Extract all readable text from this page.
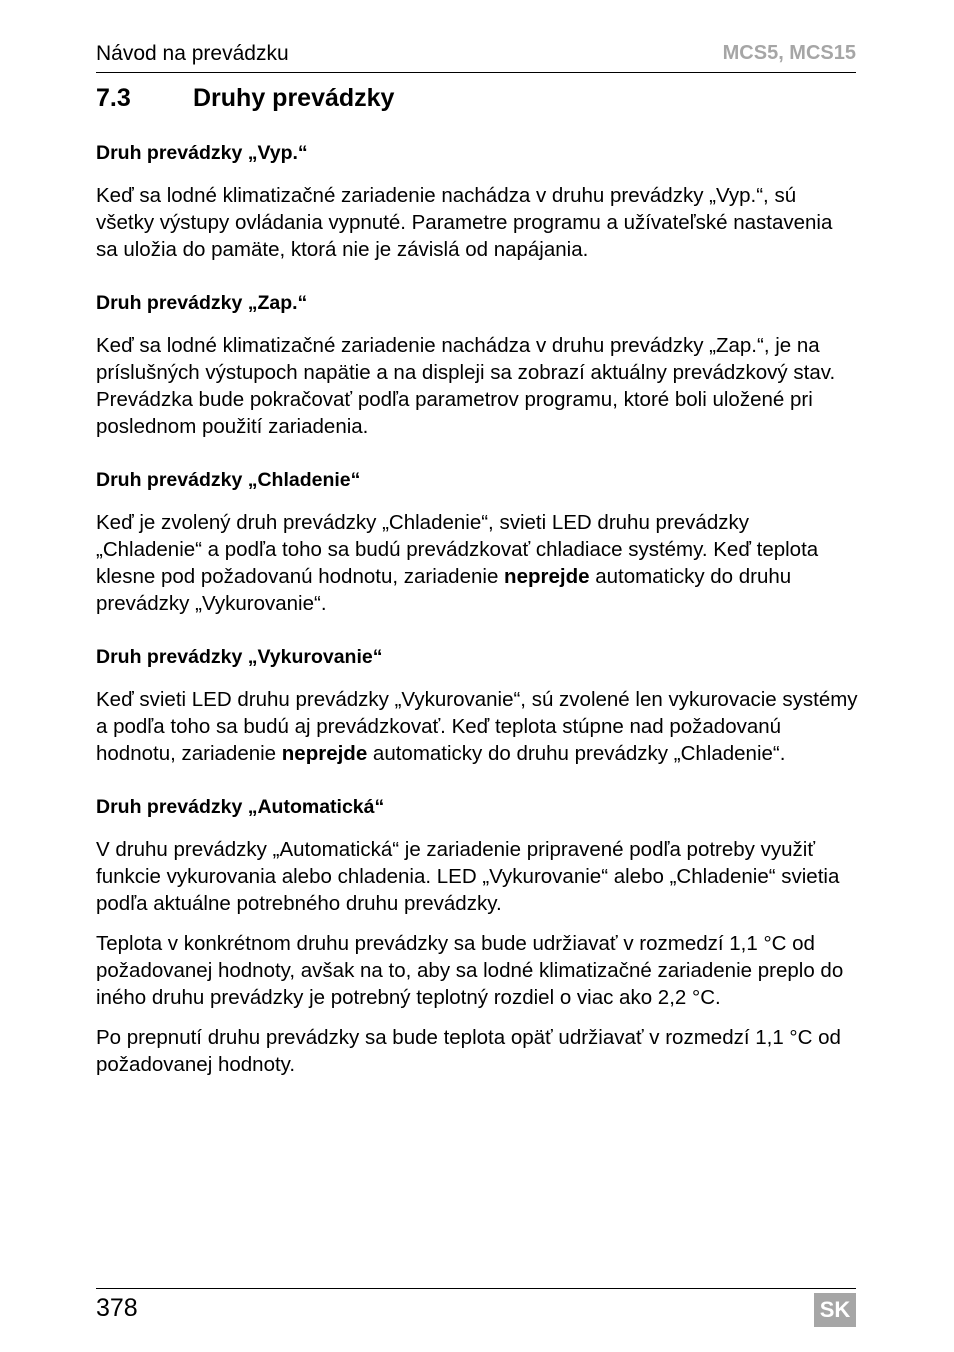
Návod na prevádzku	MCS5, MCS15
7.3	Druhy prevádzky
Druh prevádzky „Vyp.“

Keď sa lodné klimatizačné zariadenie nachádza v druhu prevádzky „Vyp.“, sú všetky výstupy ovládania vypnuté. Parametre programu a užívateľské nastavenia sa uložia do pamäte, ktorá nie je závislá od napájania.

Druh prevádzky „Zap.“

Keď sa lodné klimatizačné zariadenie nachádza v druhu prevádzky „Zap.“, je na príslušných výstupoch napätie a na displeji sa zobrazí aktuálny prevádzkový stav. Prevádzka bude pokračovať podľa parametrov programu, ktoré boli uložené pri poslednom použití zariadenia.

Druh prevádzky „Chladenie“

Keď je zvolený druh prevádzky „Chladenie“, svieti LED druhu prevádzky „Chladenie“ a podľa toho sa budú prevádzkovať chladiace systémy. Keď teplota klesne pod požadovanú hodnotu, zariadenie neprejde automaticky do druhu prevádzky „Vykurovanie“.

Druh prevádzky „Vykurovanie“

Keď svieti LED druhu prevádzky „Vykurovanie“, sú zvolené len vykurovacie systémy a podľa toho sa budú aj prevádzkovať. Keď teplota stúpne nad požadovanú hodnotu, zariadenie neprejde automaticky do druhu prevádzky „Chladenie“.

Druh prevádzky „Automatická“

V druhu prevádzky „Automatická“ je zariadenie pripravené podľa potreby využiť funkcie vykurovania alebo chladenia. LED „Vykurovanie“ alebo „Chladenie“ svietia podľa aktuálne potrebného druhu prevádzky.

Teplota v konkrétnom druhu prevádzky sa bude udržiavať v rozmedzí 1,1 °C od požadovanej hodnoty, avšak na to, aby sa lodné klimatizačné zariadenie preplo do iného druhu prevádzky je potrebný teplotný rozdiel o viac ako 2,2 °C.

Po prepnutí druhu prevádzky sa bude teplota opäť udržiavať v rozmedzí 1,1 °C od požadovanej hodnoty.

378	SK
